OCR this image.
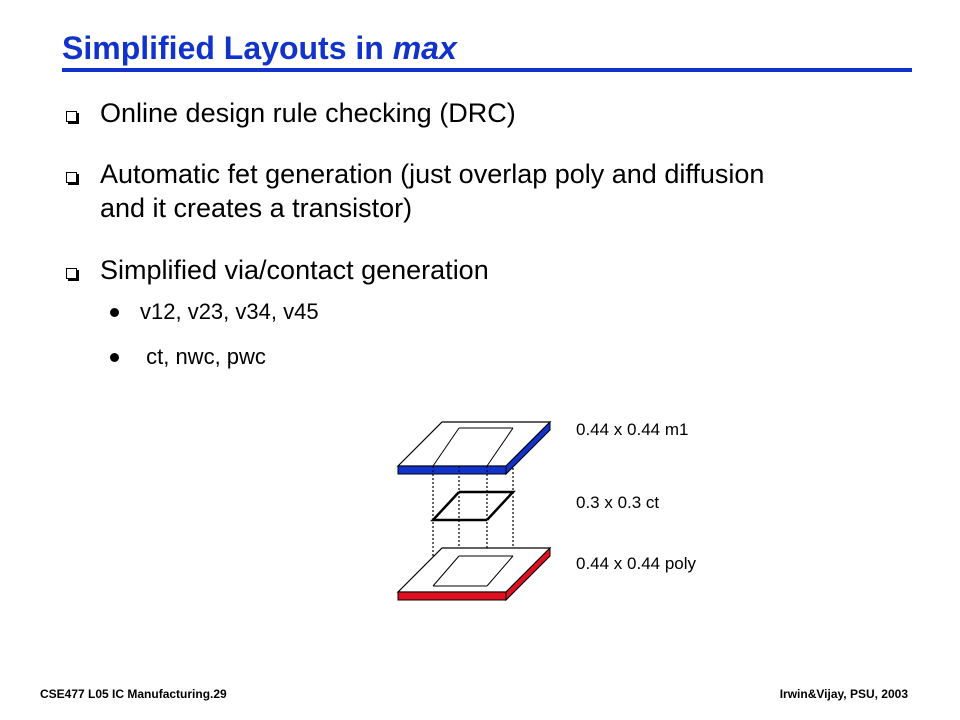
Simplified Layouts in max
Online design rule checking (DRC)
Automatic fet generation (just overlap poly and diffusion
and it creates a transistor)
Simplified via/contact generation
v12, v23, v34, v45
ct, nwc, pwc
0.44 x 0.44 m1
0.3 x 0.3 ct
0.44 x 0.44 poly
CSE477 L05 IC Manufacturing.29	Irwin&Vijay, PSU, 2003
